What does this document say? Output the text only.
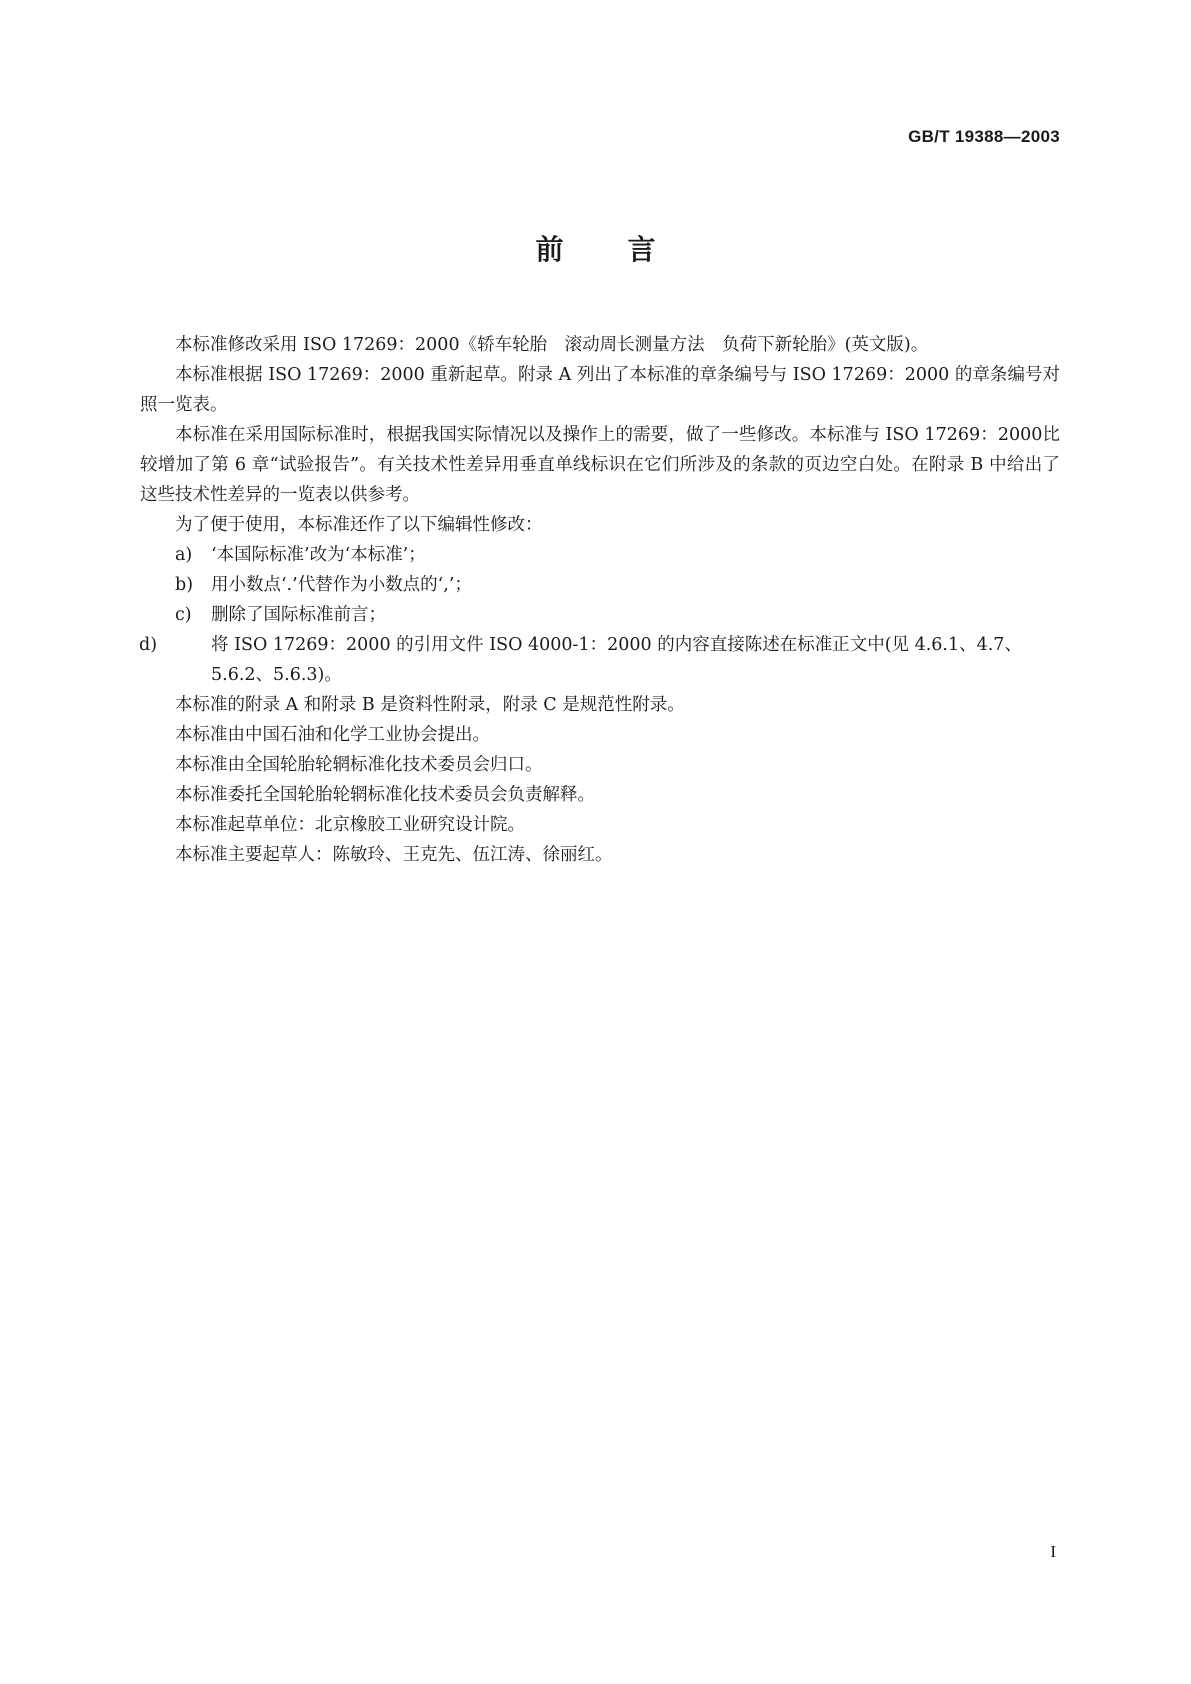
GB/T 19388—2003
前 言

本标准修改采用 ISO 17269：2000《轿车轮胎　滚动周长测量方法　负荷下新轮胎》(英文版)。

本标准根据 ISO 17269：2000 重新起草。附录 A 列出了本标准的章条编号与 ISO 17269：2000 的章条编号对照一览表。

本标准在采用国际标准时，根据我国实际情况以及操作上的需要，做了一些修改。本标准与 ISO 17269：2000比较增加了第 6 章“试验报告”。有关技术性差异用垂直单线标识在它们所涉及的条款的页边空白处。在附录 B 中给出了这些技术性差异的一览表以供参考。

为了便于使用，本标准还作了以下编辑性修改：

a) ‘本国际标准’改为‘本标准’；

b) 用小数点‘.’代替作为小数点的‘,’；

c) 删除了国际标准前言；

d)	将 ISO 17269：2000 的引用文件 ISO 4000-1：2000 的内容直接陈述在标准正文中(见 4.6.1、4.7、5.6.2、5.6.3)。

本标准的附录 A 和附录 B 是资料性附录，附录 C 是规范性附录。

本标准由中国石油和化学工业协会提出。

本标准由全国轮胎轮辋标准化技术委员会归口。

本标准委托全国轮胎轮辋标准化技术委员会负责解释。

本标准起草单位：北京橡胶工业研究设计院。

本标准主要起草人：陈敏玲、王克先、伍江涛、徐丽红。

I
